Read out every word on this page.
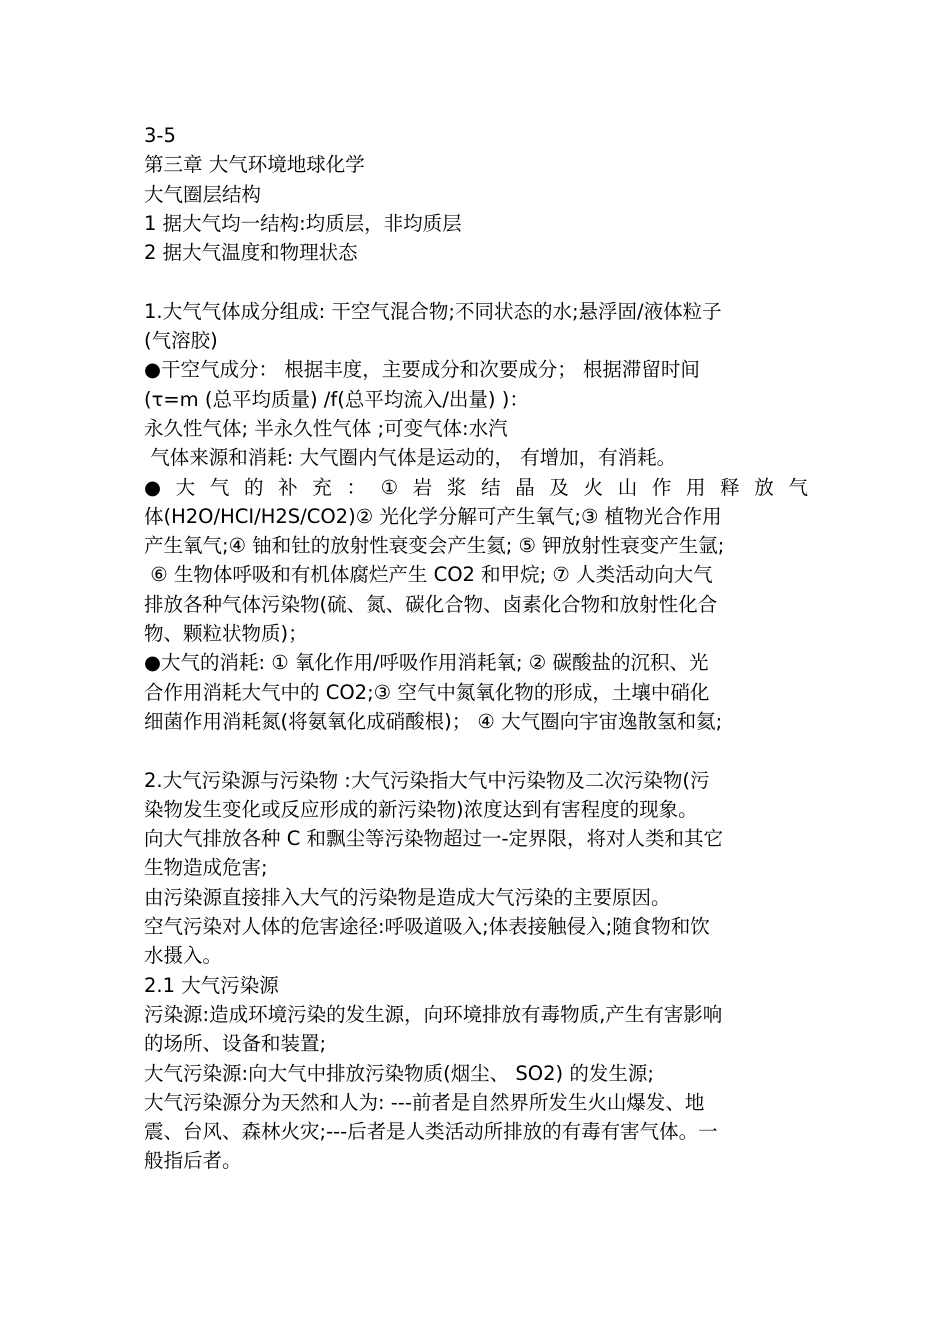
3-5
第三章 大气环境地球化学
大气圈层结构
1 据大气均一结构:均质层，非均质层
2 据大气温度和物理状态
1.大气气体成分组成: 干空气混合物;不同状态的水;悬浮固/液体粒子
(气溶胶)
●干空气成分： 根据丰度，主要成分和次要成分； 根据滞留时间
(τ=m (总平均质量) /f(总平均流入/出量) )：
永久性气体; 半永久性气体 ;可变气体:水汽
气体来源和消耗: 大气圈内气体是运动的， 有增加，有消耗。
● 大 气 的 补 充 ： ① 岩 浆 结 晶 及 火 山 作 用 释 放 气
体(H2O/HCI/H2S/CO2)② 光化学分解可产生氧气;③ 植物光合作用
产生氧气;④ 铀和钍的放射性衰变会产生氦; ⑤ 钾放射性衰变产生氩;
⑥ 生物体呼吸和有机体腐烂产生 CO2 和甲烷; ⑦ 人类活动向大气
排放各种气体污染物(硫、氮、碳化合物、卤素化合物和放射性化合
物、颗粒状物质)；
●大气的消耗: ① 氧化作用/呼吸作用消耗氧; ② 碳酸盐的沉积、光
合作用消耗大气中的 CO2;③ 空气中氮氧化物的形成，土壤中硝化
细菌作用消耗氮(将氨氧化成硝酸根)； ④ 大气圈向宇宙逸散氢和氦;
2.大气污染源与污染物 :大气污染指大气中污染物及二次污染物(污
染物发生变化或反应形成的新污染物)浓度达到有害程度的现象。
向大气排放各种 C 和飘尘等污染物超过一-定界限，将对人类和其它
生物造成危害;
由污染源直接排入大气的污染物是造成大气污染的主要原因。
空气污染对人体的危害途径:呼吸道吸入;体表接触侵入;随食物和饮
水摄入。
2.1 大气污染源
污染源:造成环境污染的发生源，向环境排放有毒物质,产生有害影响
的场所、设备和装置;
大气污染源:向大气中排放污染物质(烟尘、 SO2) 的发生源;
大气污染源分为天然和人为: ---前者是自然界所发生火山爆发、地
震、台风、森林火灾;---后者是人类活动所排放的有毒有害气体。一
般指后者。
